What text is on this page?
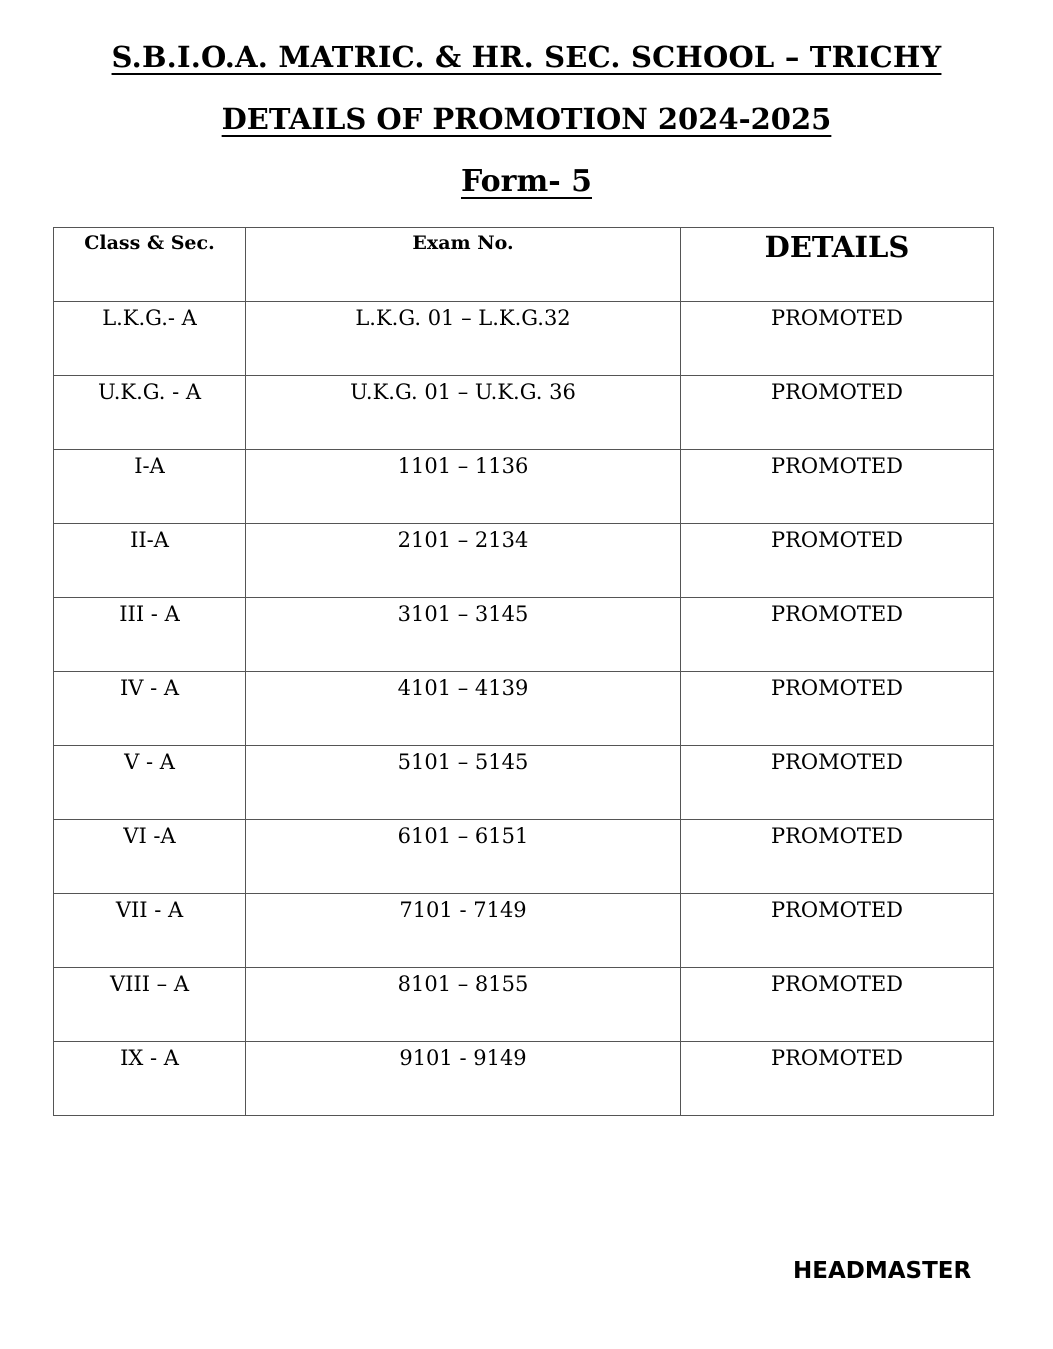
S.B.I.O.A. MATRIC. & HR. SEC. SCHOOL – TRICHY
DETAILS OF PROMOTION 2024-2025
Form- 5
Class & Sec.	Exam No.	DETAILS
L.K.G.- A	L.K.G. 01 – L.K.G.32	PROMOTED
U.K.G. - A	U.K.G. 01 – U.K.G. 36	PROMOTED
I-A	1101 – 1136	PROMOTED
II-A	2101 – 2134	PROMOTED
III - A	3101 – 3145	PROMOTED
IV - A	4101 – 4139	PROMOTED
V - A	5101 – 5145	PROMOTED
VI -A	6101 – 6151	PROMOTED
VII - A	7101 - 7149	PROMOTED
VIII – A	8101 – 8155	PROMOTED
IX - A	9101 - 9149	PROMOTED
HEADMASTER
